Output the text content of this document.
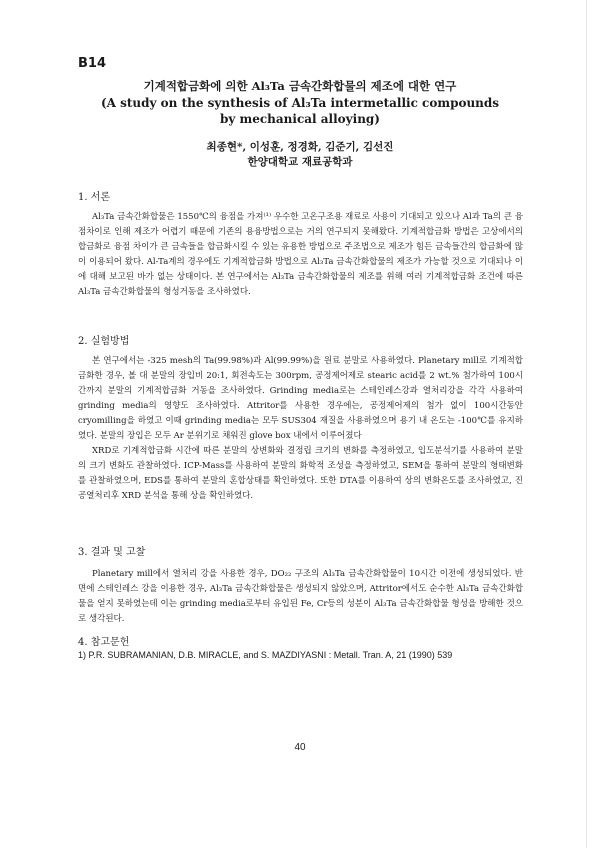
B14
기계적합금화에 의한 Al₃Ta 금속간화합물의 제조에 대한 연구
(A study on the synthesis of Al₃Ta intermetallic compounds
by mechanical alloying)
최종현*, 이성훈, 정경화, 김준기, 김선진
한양대학교 재료공학과
1. 서론
Al₃Ta 금속간화합물은 1550℃의 융점을 가져⁽¹⁾ 우수한 고온구조용 재료로 사용이 기대되고 있으나 Al과 Ta의 큰 융점차이로 인해 제조가 어렵기 때문에 기존의 용융방법으로는 거의 연구되지 못해왔다. 기계적합금화 방법은 고상에서의 합금화로 융점 차이가 큰 금속들을 합금화시킬 수 있는 유용한 방법으로 주조법으로 제조가 힘든 금속들간의 합금화에 많이 이용되어 왔다. Al-Ta계의 경우에도 기계적합금화 방법으로 Al₃Ta 금속간화합물의 제조가 가능할 것으로 기대되나 이에 대해 보고된 바가 없는 상태이다. 본 연구에서는 Al₃Ta 금속간화합물의 제조를 위해 여러 기계적합금화 조건에 따른 Al₃Ta 금속간화합물의 형성거동을 조사하였다.
2. 실험방법
본 연구에서는 -325 mesh의 Ta(99.98%)과 Al(99.99%)을 원료 분말로 사용하였다. Planetary mill로 기계적합금화한 경우, 볼 대 분말의 장입비 20:1, 회전속도는 300rpm, 공정제어제로 stearic acid를 2 wt.% 첨가하여 100시간까지 분말의 기계적합금화 거동을 조사하였다. Grinding media로는 스테인레스강과 열처리강을 각각 사용하여 grinding media의 영향도 조사하였다. Attritor를 사용한 경우에는, 공정제어제의 첨가 없이 100시간동안 cryomilling을 하였고 이때 grinding media는 모두 SUS304 재질을 사용하였으며 용기 내 온도는 -100℃를 유지하였다. 분말의 장입은 모두 Ar 분위기로 채워진 glove box 내에서 이루어졌다
XRD로 기계적합금화 시간에 따른 분말의 상변화와 결정립 크기의 변화를 측정하였고, 입도분석기를 사용하여 분말의 크기 변화도 관찰하였다. ICP-Mass를 사용하여 분말의 화학적 조성을 측정하였고, SEM을 통하여 분말의 형태변화를 관찰하였으며, EDS를 통하여 분말의 혼합상태를 확인하였다. 또한 DTA를 이용하여 상의 변화온도를 조사하였고, 진공열처리후 XRD 분석을 통해 상을 확인하였다.
3. 결과 및 고찰
Planetary mill에서 열처리 강을 사용한 경우, DO₂₂ 구조의 Al₃Ta 금속간화합물이 10시간 이전에 생성되었다. 반면에 스테인레스 강을 이용한 경우, Al₃Ta 금속간화합물은 생성되지 않았으며, Attritor에서도 순수한 Al₃Ta 금속간화합물을 얻지 못하였는데 이는 grinding media로부터 유입된 Fe, Cr등의 성분이 Al₃Ta 금속간화합물 형성을 방해한 것으로 생각된다.
4. 참고문헌
1) P.R. SUBRAMANIAN, D.B. MIRACLE, and S. MAZDIYASNI : Metall. Tran. A, 21 (1990) 539
40
